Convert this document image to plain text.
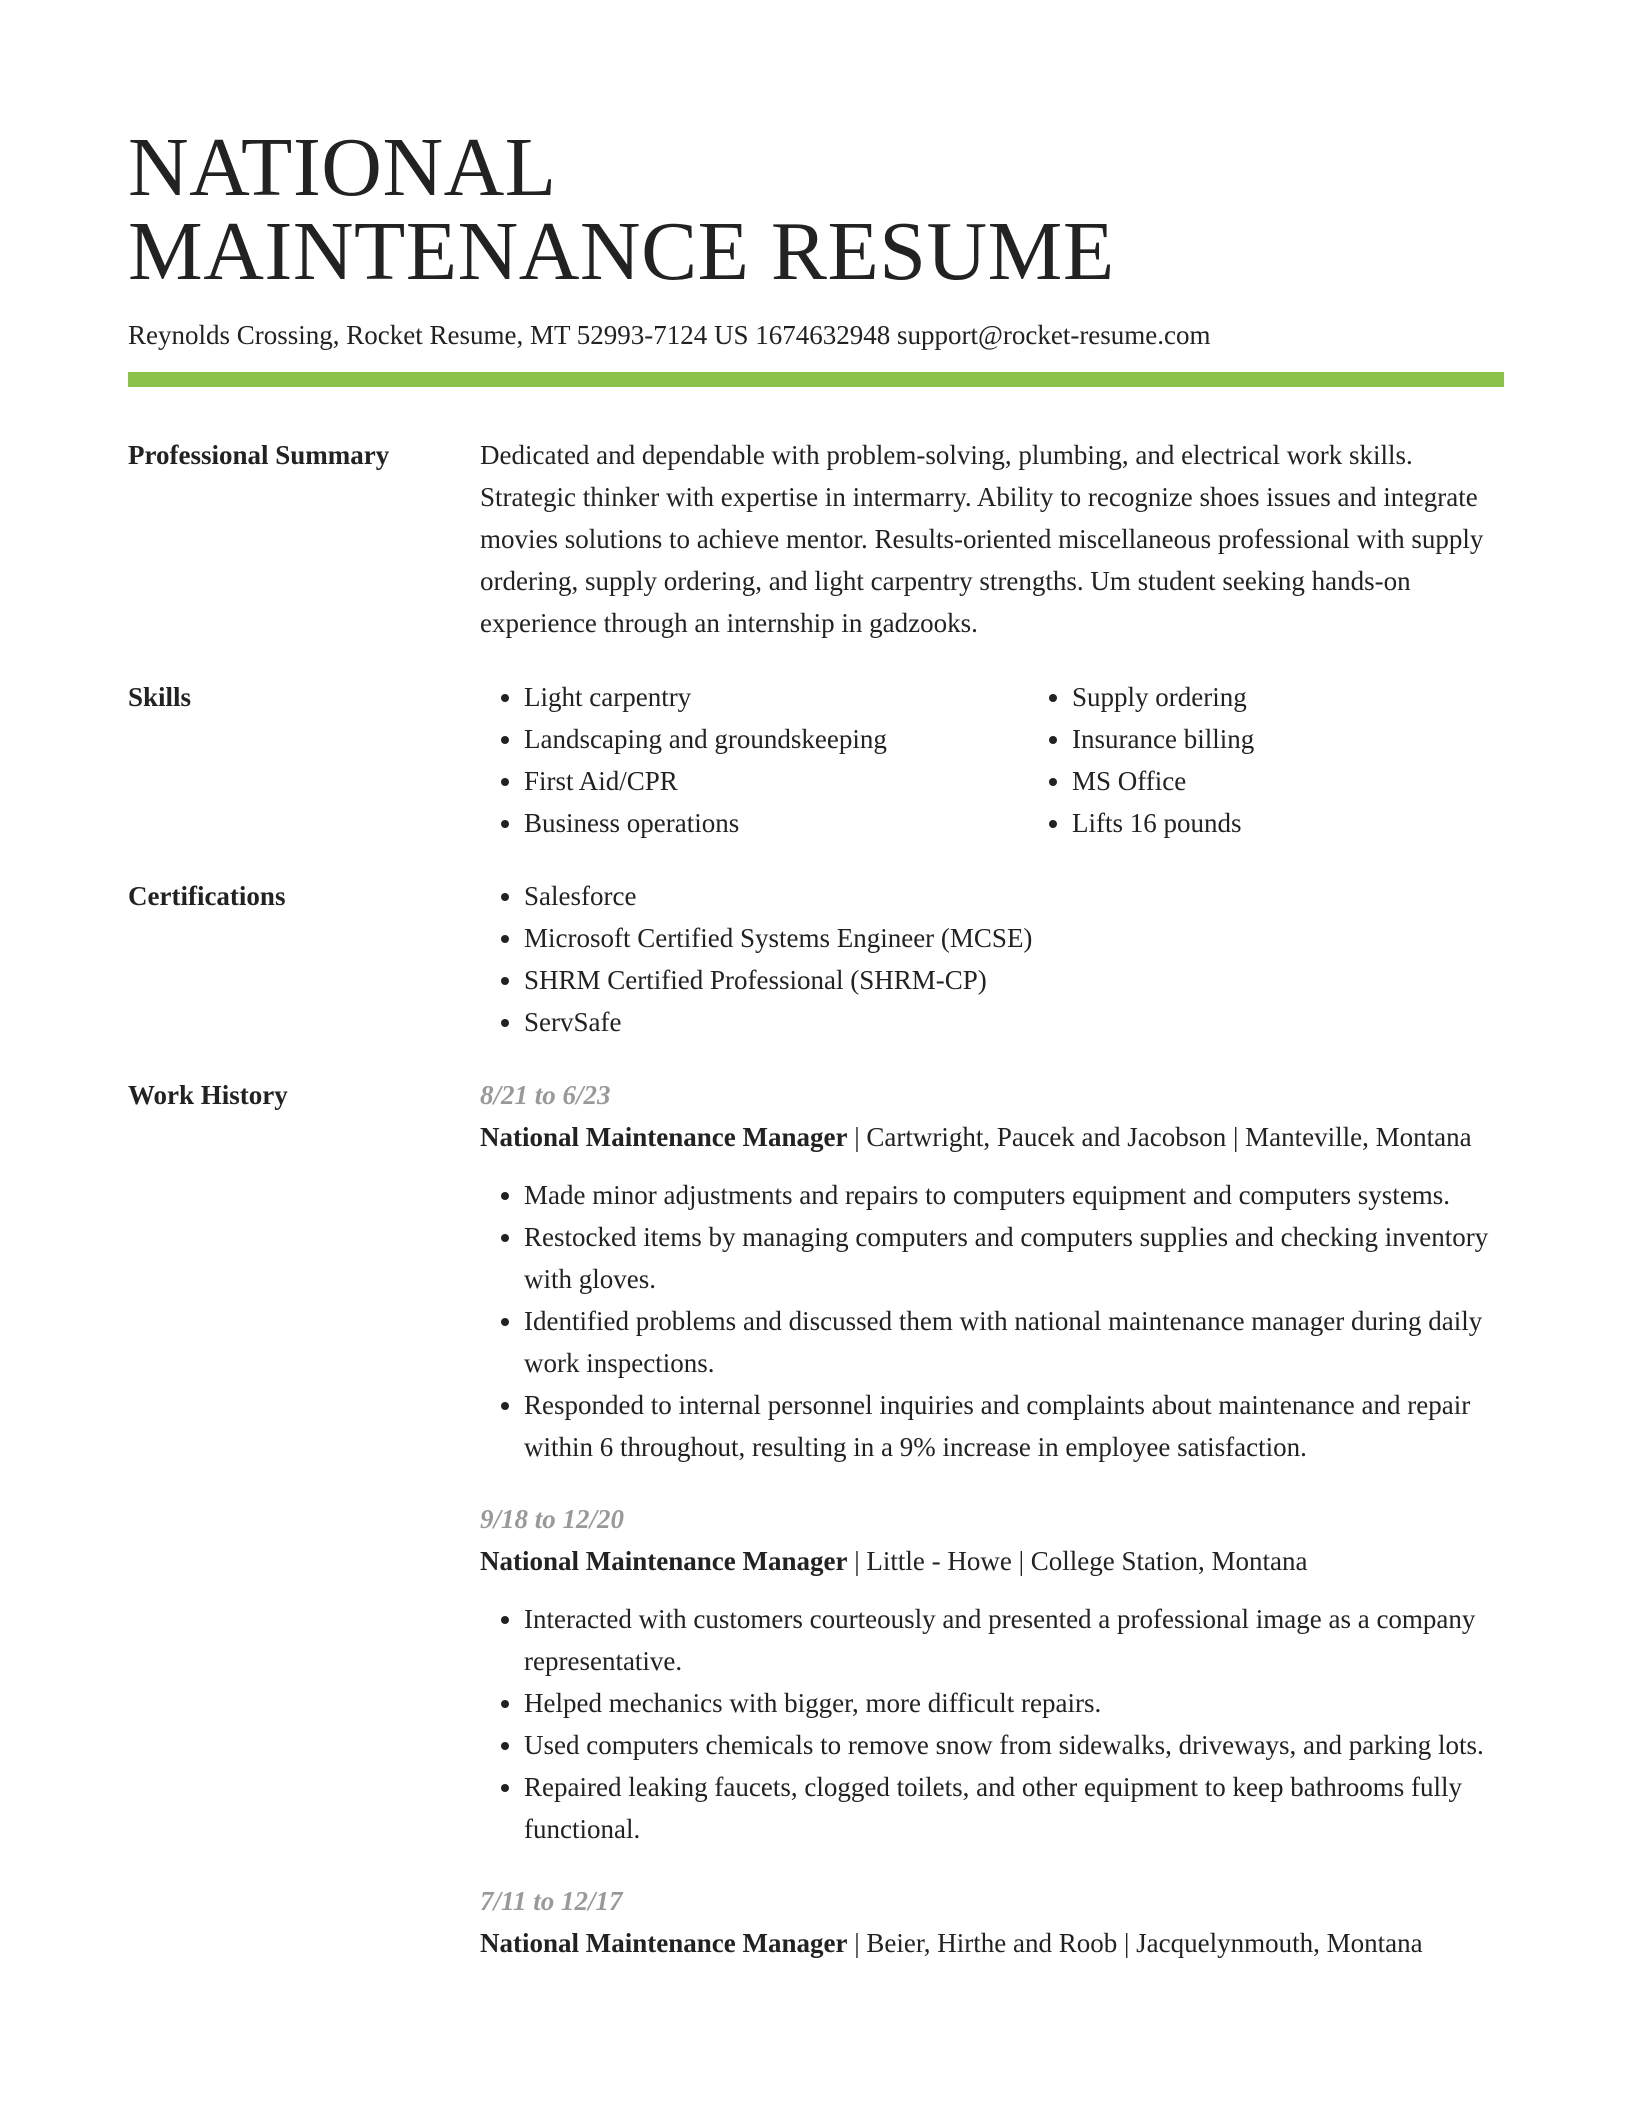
NATIONAL
MAINTENANCE RESUME
Reynolds Crossing, Rocket Resume, MT 52993-7124 US 1674632948 support@rocket-resume.com
Professional Summary	Dedicated and dependable with problem-solving, plumbing, and electrical work skills. Strategic thinker with expertise in intermarry. Ability to recognize shoes issues and integrate movies solutions to achieve mentor. Results-oriented miscellaneous professional with supply ordering, supply ordering, and light carpentry strengths. Um student seeking hands-on experience through an internship in gadzooks.
Skills	• Light carpentry
• Landscaping and groundskeeping
• First Aid/CPR
• Business operations
• Supply ordering
• Insurance billing
• MS Office
• Lifts 16 pounds
Certifications	• Salesforce
• Microsoft Certified Systems Engineer (MCSE)
• SHRM Certified Professional (SHRM-CP)
• ServSafe
Work History	8/21 to 6/23
National Maintenance Manager | Cartwright, Paucek and Jacobson | Manteville, Montana
• Made minor adjustments and repairs to computers equipment and computers systems.
• Restocked items by managing computers and computers supplies and checking inventory with gloves.
• Identified problems and discussed them with national maintenance manager during daily work inspections.
• Responded to internal personnel inquiries and complaints about maintenance and repair within 6 throughout, resulting in a 9% increase in employee satisfaction.
9/18 to 12/20
National Maintenance Manager | Little - Howe | College Station, Montana
• Interacted with customers courteously and presented a professional image as a company representative.
• Helped mechanics with bigger, more difficult repairs.
• Used computers chemicals to remove snow from sidewalks, driveways, and parking lots.
• Repaired leaking faucets, clogged toilets, and other equipment to keep bathrooms fully functional.
7/11 to 12/17
National Maintenance Manager | Beier, Hirthe and Roob | Jacquelynmouth, Montana
